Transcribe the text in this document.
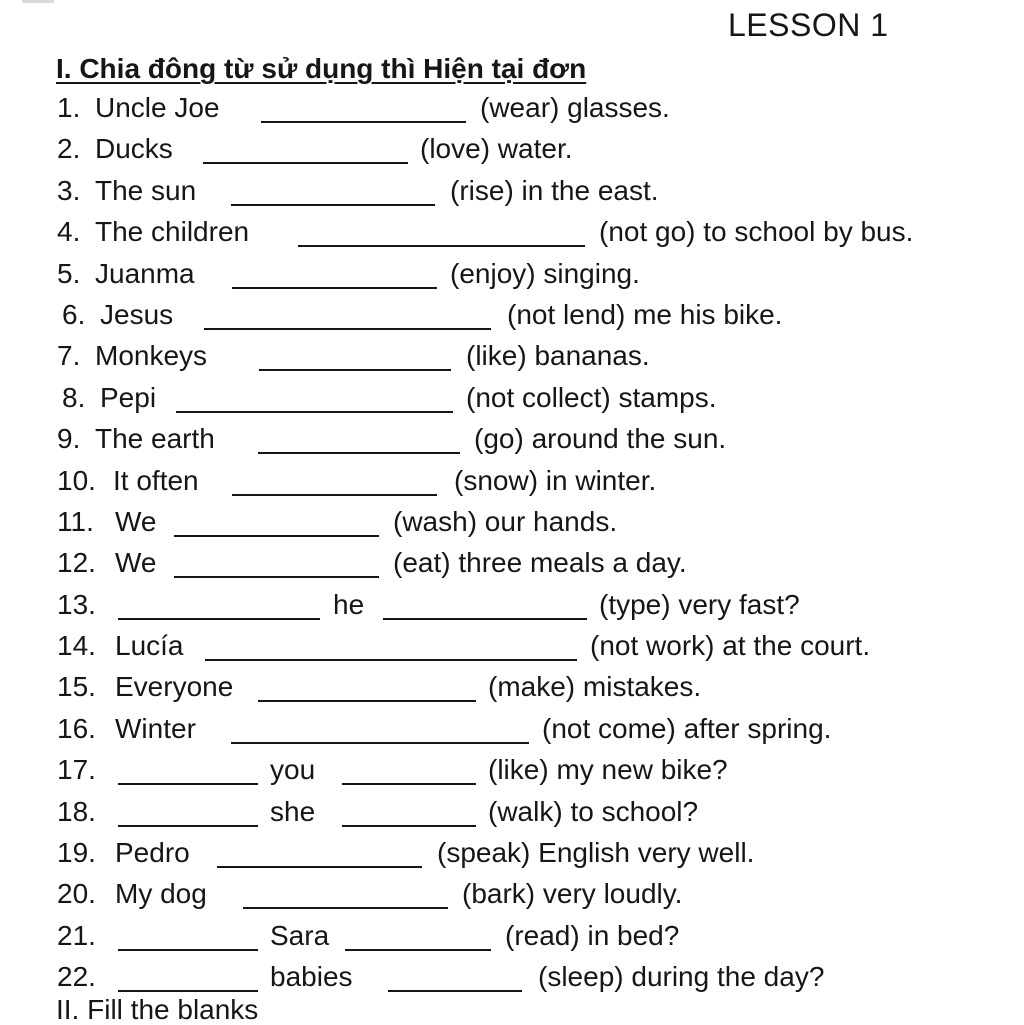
LESSON 1
I. Chia đông từ sử dụng thì Hiện tại đơn
1. Uncle Joe	(wear) glasses.
2. Ducks	(love) water.
3. The sun	(rise) in the east.
4. The children	(not go) to school by bus.
5. Juanma	(enjoy) singing.
6. Jesus	(not lend) me his bike.
7. Monkeys	(like) bananas.
8. Pepi	(not collect) stamps.
9. The earth	(go) around the sun.
10. It often	(snow) in winter.
11. We	(wash) our hands.
12. We	(eat) three meals a day.
13.	he	(type) very fast?
14. Lucía	(not work) at the court.
15. Everyone	(make) mistakes.
16. Winter	(not come) after spring.
17.	you	(like) my new bike?
18.	she	(walk) to school?
19. Pedro	(speak) English very well.
20. My dog	(bark) very loudly.
21.	Sara	(read) in bed?
22.	babies	(sleep) during the day?
II. Fill the blanks
